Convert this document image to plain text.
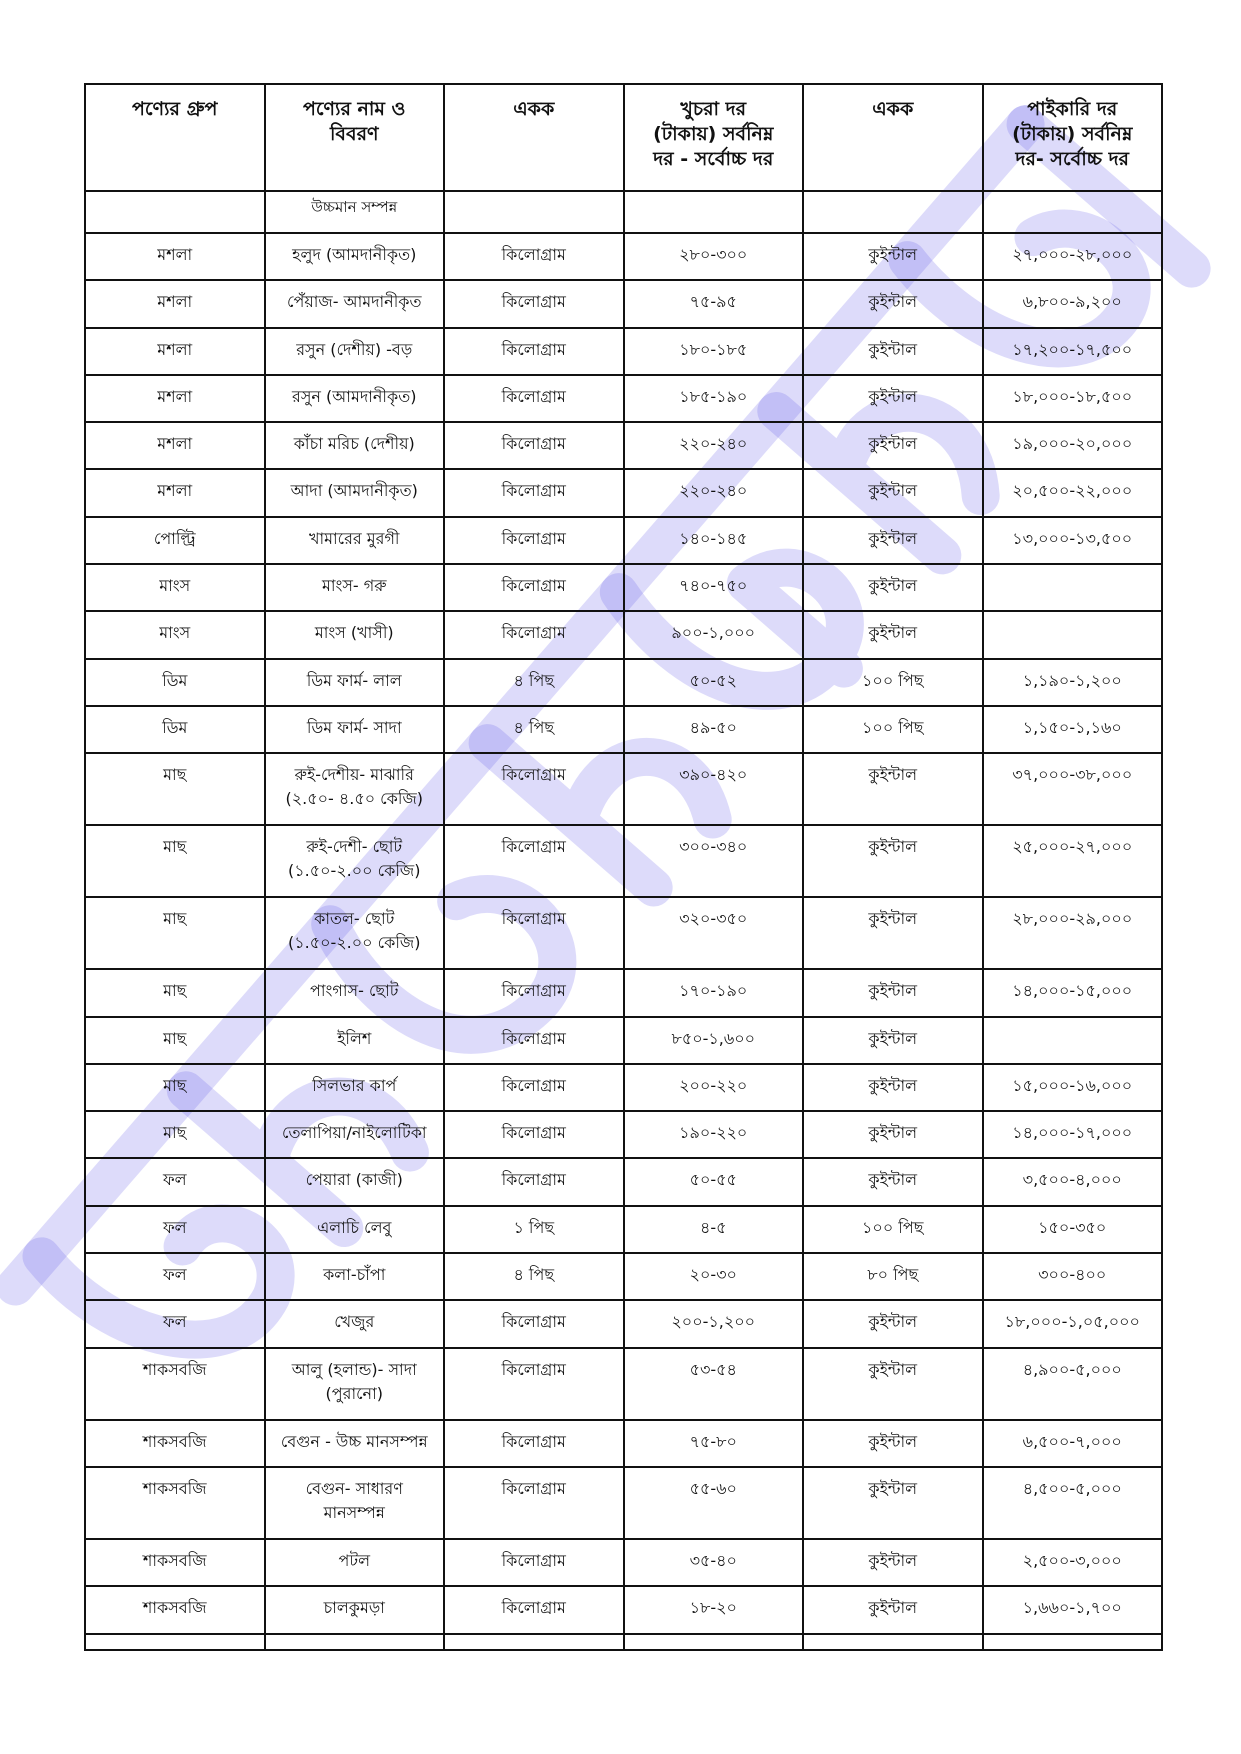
পণ্যের গ্রুপ	পণ্যের নাম ও
বিবরণ	একক	খুচরা দর
(টাকায়) সর্বনিম্ন
দর - সর্বোচ্চ দর	একক	পাইকারি দর
(টাকায়) সর্বনিম্ন
দর- সর্বোচ্চ দর
	উচ্চমান সম্পন্ন				
মশলা	হলুদ (আমদানীকৃত)	কিলোগ্রাম	২৮০-৩০০	কুইন্টাল	২৭,০০০-২৮,০০০
মশলা	পেঁয়াজ- আমদানীকৃত	কিলোগ্রাম	৭৫-৯৫	কুইন্টাল	৬,৮০০-৯,২০০
মশলা	রসুন (দেশীয়) -বড়	কিলোগ্রাম	১৮০-১৮৫	কুইন্টাল	১৭,২০০-১৭,৫০০
মশলা	রসুন (আমদানীকৃত)	কিলোগ্রাম	১৮৫-১৯০	কুইন্টাল	১৮,০০০-১৮,৫০০
মশলা	কাঁচা মরিচ (দেশীয়)	কিলোগ্রাম	২২০-২৪০	কুইন্টাল	১৯,০০০-২০,০০০
মশলা	আদা (আমদানীকৃত)	কিলোগ্রাম	২২০-২৪০	কুইন্টাল	২০,৫০০-২২,০০০
পোল্ট্রি	খামারের মুরগী	কিলোগ্রাম	১৪০-১৪৫	কুইন্টাল	১৩,০০০-১৩,৫০০
মাংস	মাংস- গরু	কিলোগ্রাম	৭৪০-৭৫০	কুইন্টাল	
মাংস	মাংস (খাসী)	কিলোগ্রাম	৯০০-১,০০০	কুইন্টাল	
ডিম	ডিম ফার্ম- লাল	৪ পিছ	৫০-৫২	১০০ পিছ	১,১৯০-১,২০০
ডিম	ডিম ফার্ম- সাদা	৪ পিছ	৪৯-৫০	১০০ পিছ	১,১৫০-১,১৬০
মাছ	রুই-দেশীয়- মাঝারি
(২.৫০- ৪.৫০ কেজি)	কিলোগ্রাম	৩৯০-৪২০	কুইন্টাল	৩৭,০০০-৩৮,০০০
মাছ	রুই-দেশী- ছোট
(১.৫০-২.০০ কেজি)	কিলোগ্রাম	৩০০-৩৪০	কুইন্টাল	২৫,০০০-২৭,০০০
মাছ	কাতল- ছোট
(১.৫০-২.০০ কেজি)	কিলোগ্রাম	৩২০-৩৫০	কুইন্টাল	২৮,০০০-২৯,০০০
মাছ	পাংগাস- ছোট	কিলোগ্রাম	১৭০-১৯০	কুইন্টাল	১৪,০০০-১৫,০০০
মাছ	ইলিশ	কিলোগ্রাম	৮৫০-১,৬০০	কুইন্টাল	
মাছ	সিলভার কার্প	কিলোগ্রাম	২০০-২২০	কুইন্টাল	১৫,০০০-১৬,০০০
মাছ	তেলাপিয়া/নাইলোটিকা	কিলোগ্রাম	১৯০-২২০	কুইন্টাল	১৪,০০০-১৭,০০০
ফল	পেয়ারা (কাজী)	কিলোগ্রাম	৫০-৫৫	কুইন্টাল	৩,৫০০-৪,০০০
ফল	এলাচি লেবু	১ পিছ	৪-৫	১০০ পিছ	১৫০-৩৫০
ফল	কলা-চাঁপা	৪ পিছ	২০-৩০	৮০ পিছ	৩০০-৪০০
ফল	খেজুর	কিলোগ্রাম	২০০-১,২০০	কুইন্টাল	১৮,০০০-১,০৫,০০০
শাকসবজি	আলু (হলান্ড)- সাদা
(পুরানো)	কিলোগ্রাম	৫৩-৫৪	কুইন্টাল	৪,৯০০-৫,০০০
শাকসবজি	বেগুন - উচ্চ মানসম্পন্ন	কিলোগ্রাম	৭৫-৮০	কুইন্টাল	৬,৫০০-৭,০০০
শাকসবজি	বেগুন- সাধারণ
মানসম্পন্ন	কিলোগ্রাম	৫৫-৬০	কুইন্টাল	৪,৫০০-৫,০০০
শাকসবজি	পটল	কিলোগ্রাম	৩৫-৪০	কুইন্টাল	২,৫০০-৩,০০০
শাকসবজি	চালকুমড়া	কিলোগ্রাম	১৮-২০	কুইন্টাল	১,৬৬০-১,৭০০
